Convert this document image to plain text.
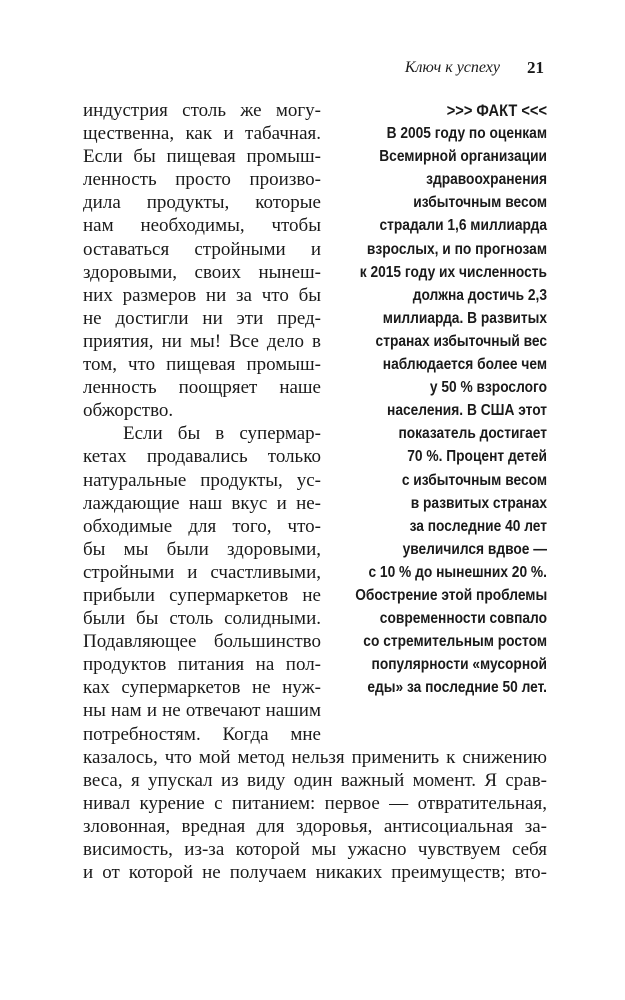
Ключ к успеху 21
индустрия столь же могу-
щественна, как и табачная.
Если бы пищевая промыш-
ленность просто произво-
дила продукты, которые
нам необходимы, чтобы
оставаться стройными и
здоровыми, своих нынеш-
них размеров ни за что бы
не достигли ни эти пред-
приятия, ни мы! Все дело в
том, что пищевая промыш-
ленность поощряет наше
обжорство.
Если бы в супермар-
кетах продавались только
натуральные продукты, ус-
лаждающие наш вкус и не-
обходимые для того, что-
бы мы были здоровыми,
стройными и счастливыми,
прибыли супермаркетов не
были бы столь солидными.
Подавляющее большинство
продуктов питания на пол-
ках супермаркетов не нуж-
ны нам и не отвечают нашим
потребностям. Когда мне
>>> ФАКТ <<<
В 2005 году по оценкам
Всемирной организации
здравоохранения
избыточным весом
страдали 1,6 миллиарда
взрослых, и по прогнозам
к 2015 году их численность
должна достичь 2,3
миллиарда. В развитых
странах избыточный вес
наблюдается более чем
у 50 % взрослого
населения. В США этот
показатель достигает
70 %. Процент детей
с избыточным весом
в развитых странах
за последние 40 лет
увеличился вдвое —
с 10 % до нынешних 20 %.
Обострение этой проблемы
современности совпало
со стремительным ростом
популярности «мусорной
еды» за последние 50 лет.
казалось, что мой метод нельзя применить к снижению
веса, я упускал из виду один важный момент. Я срав-
нивал курение с питанием: первое — отвратительная,
зловонная, вредная для здоровья, антисоциальная за-
висимость, из-за которой мы ужасно чувствуем себя
и от которой не получаем никаких преимуществ; вто-
